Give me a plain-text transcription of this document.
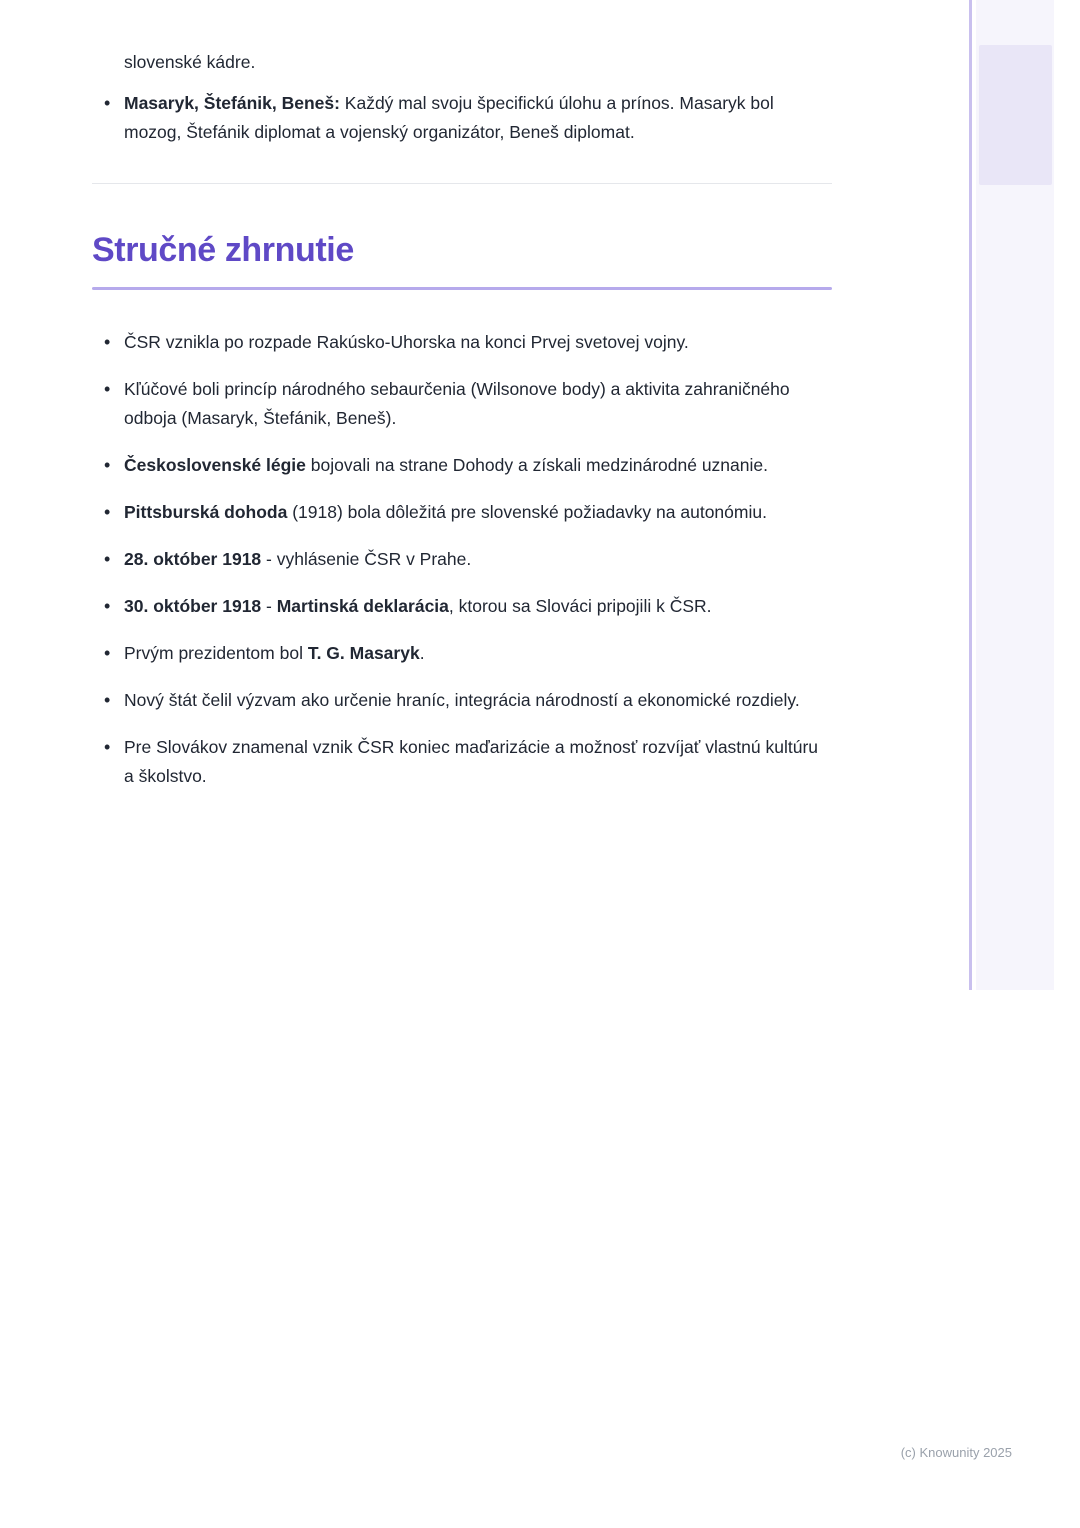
slovenské kádre.

• Masaryk, Štefánik, Beneš: Každý mal svoju špecifickú úlohu a prínos. Masaryk bol mozog, Štefánik diplomat a vojenský organizátor, Beneš diplomat.
Stručné zhrnutie
• ČSR vznikla po rozpade Rakúsko-Uhorska na konci Prvej svetovej vojny.
• Kľúčové boli princíp národného sebaurčenia (Wilsonove body) a aktivita zahraničného odboja (Masaryk, Štefánik, Beneš).
• Československé légie bojovali na strane Dohody a získali medzinárodné uznanie.
• Pittsburská dohoda (1918) bola dôležitá pre slovenské požiadavky na autonómiu.
• 28. október 1918 - vyhlásenie ČSR v Prahe.
• 30. október 1918 - Martinská deklarácia, ktorou sa Slováci pripojili k ČSR.
• Prvým prezidentom bol T. G. Masaryk.
• Nový štát čelil výzvam ako určenie hraníc, integrácia národností a ekonomické rozdiely.
• Pre Slovákov znamenal vznik ČSR koniec maďarizácie a možnosť rozvíjať vlastnú kultúru a školstvo.
(c) Knowunity 2025
